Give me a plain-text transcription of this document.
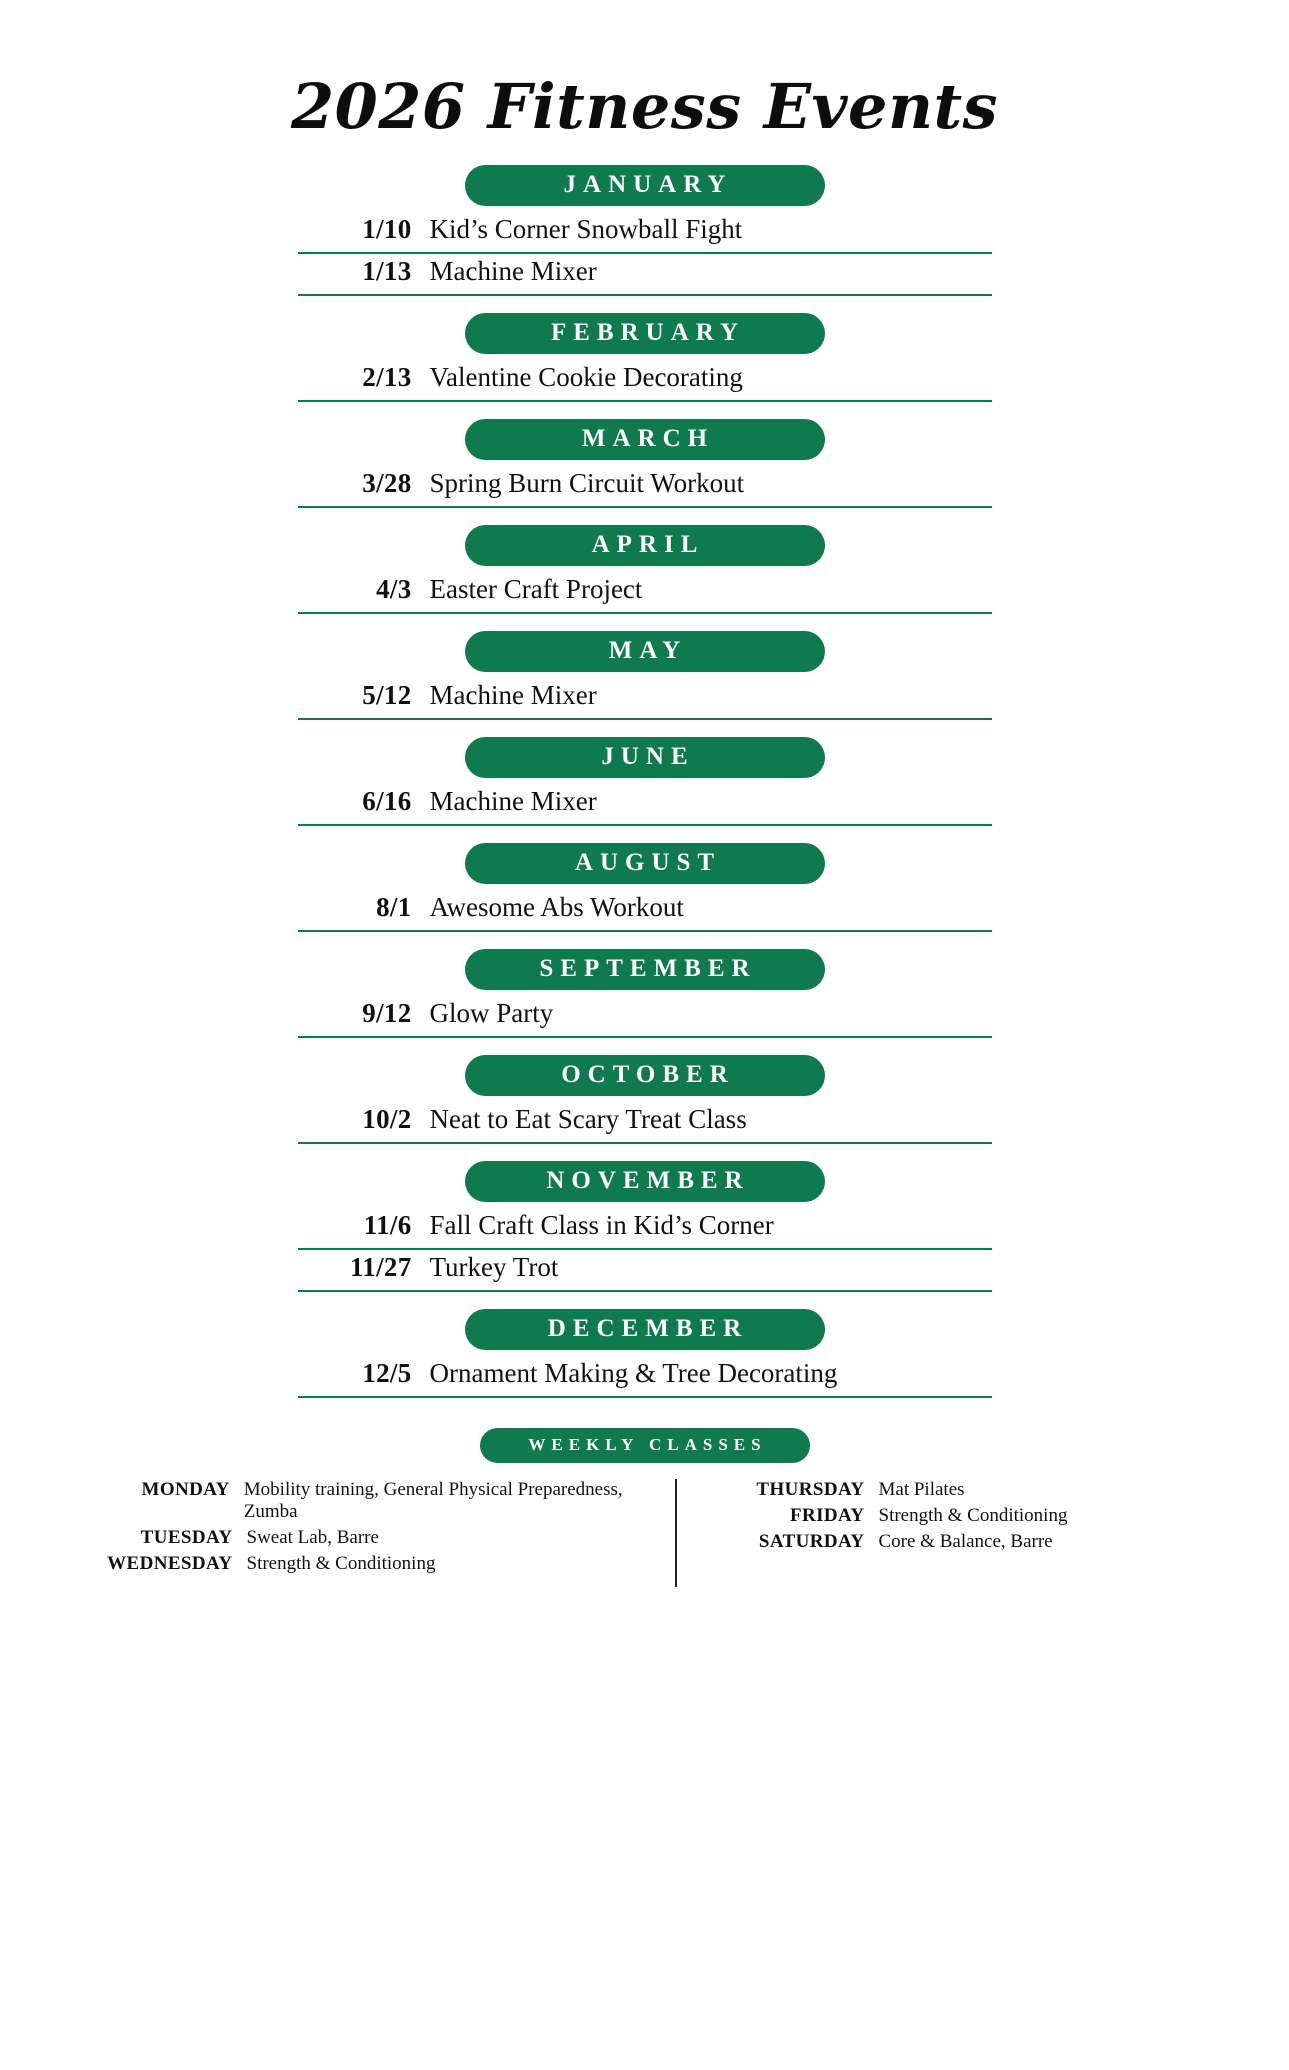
2026 Fitness Events
JANUARY
1/10 Kid’s Corner Snowball Fight
1/13 Machine Mixer
FEBRUARY
2/13 Valentine Cookie Decorating
MARCH
3/28 Spring Burn Circuit Workout
APRIL
4/3 Easter Craft Project
MAY
5/12 Machine Mixer
JUNE
6/16 Machine Mixer
AUGUST
8/1 Awesome Abs Workout
SEPTEMBER
9/12 Glow Party
OCTOBER
10/2 Neat to Eat Scary Treat Class
NOVEMBER
11/6 Fall Craft Class in Kid’s Corner
11/27 Turkey Trot
DECEMBER
12/5 Ornament Making & Tree Decorating
WEEKLY CLASSES
MONDAY Mobility training, General Physical Preparedness, Zumba
TUESDAY Sweat Lab, Barre
WEDNESDAY Strength & Conditioning
THURSDAY Mat Pilates
FRIDAY Strength & Conditioning
SATURDAY Core & Balance, Barre
